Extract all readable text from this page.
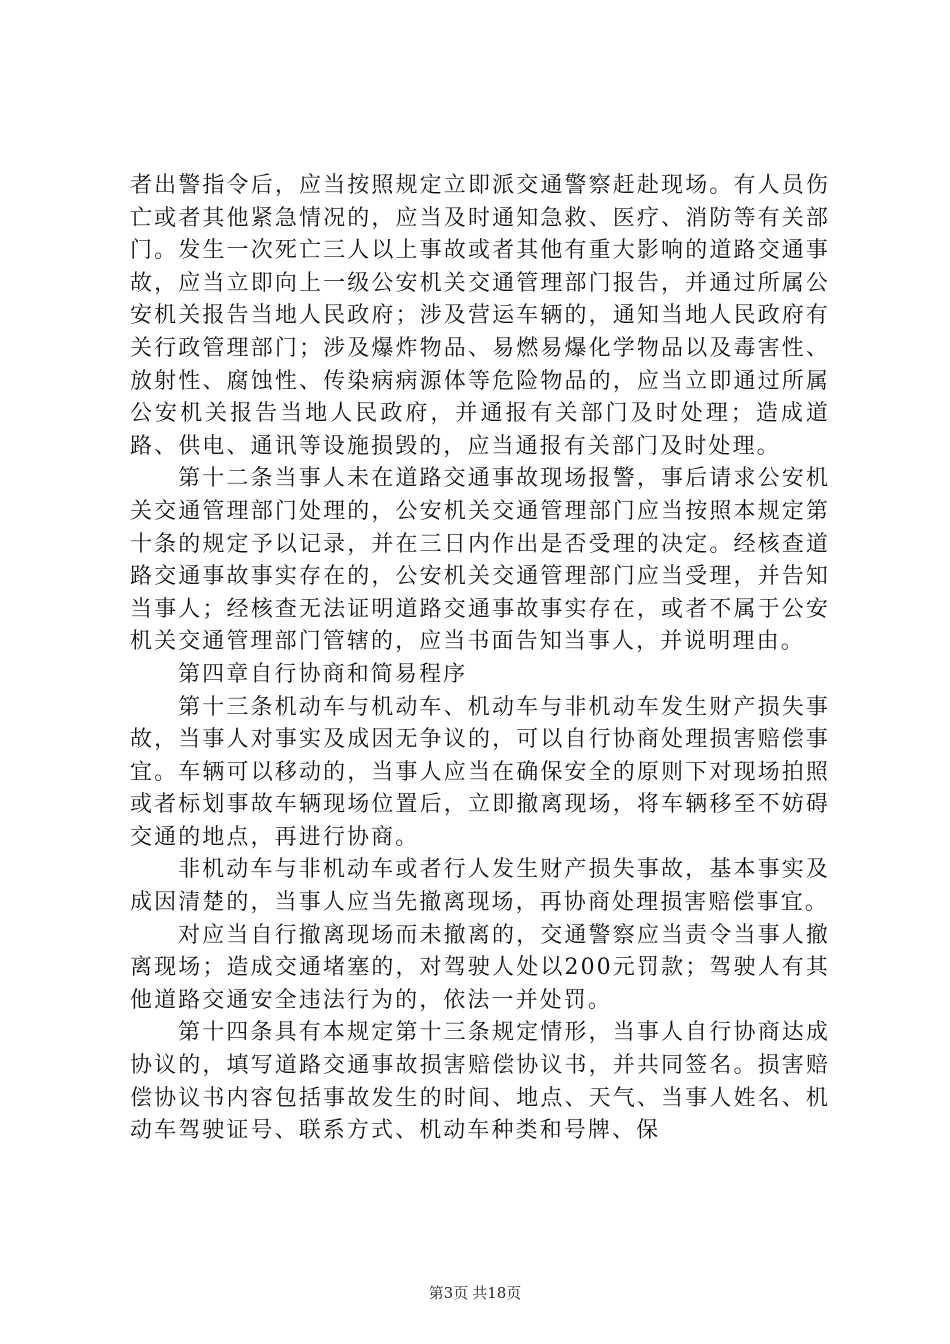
者出警指令后，应当按照规定立即派交通警察赶赴现场。有人员伤亡或者其他紧急情况的，应当及时通知急救、医疗、消防等有关部门。发生一次死亡三人以上事故或者其他有重大影响的道路交通事故，应当立即向上一级公安机关交通管理部门报告，并通过所属公安机关报告当地人民政府；涉及营运车辆的，通知当地人民政府有关行政管理部门；涉及爆炸物品、易燃易爆化学物品以及毒害性、放射性、腐蚀性、传染病病源体等危险物品的，应当立即通过所属公安机关报告当地人民政府，并通报有关部门及时处理；造成道路、供电、通讯等设施损毁的，应当通报有关部门及时处理。

第十二条当事人未在道路交通事故现场报警，事后请求公安机关交通管理部门处理的，公安机关交通管理部门应当按照本规定第十条的规定予以记录，并在三日内作出是否受理的决定。经核查道路交通事故事实存在的，公安机关交通管理部门应当受理，并告知当事人；经核查无法证明道路交通事故事实存在，或者不属于公安机关交通管理部门管辖的，应当书面告知当事人，并说明理由。

第四章自行协商和简易程序

第十三条机动车与机动车、机动车与非机动车发生财产损失事故，当事人对事实及成因无争议的，可以自行协商处理损害赔偿事宜。车辆可以移动的，当事人应当在确保安全的原则下对现场拍照或者标划事故车辆现场位置后，立即撤离现场，将车辆移至不妨碍交通的地点，再进行协商。

非机动车与非机动车或者行人发生财产损失事故，基本事实及成因清楚的，当事人应当先撤离现场，再协商处理损害赔偿事宜。

对应当自行撤离现场而未撤离的，交通警察应当责令当事人撤离现场；造成交通堵塞的，对驾驶人处以200元罚款；驾驶人有其他道路交通安全违法行为的，依法一并处罚。

第十四条具有本规定第十三条规定情形，当事人自行协商达成协议的，填写道路交通事故损害赔偿协议书，并共同签名。损害赔偿协议书内容包括事故发生的时间、地点、天气、当事人姓名、机动车驾驶证号、联系方式、机动车种类和号牌、保

第3页 共18页
